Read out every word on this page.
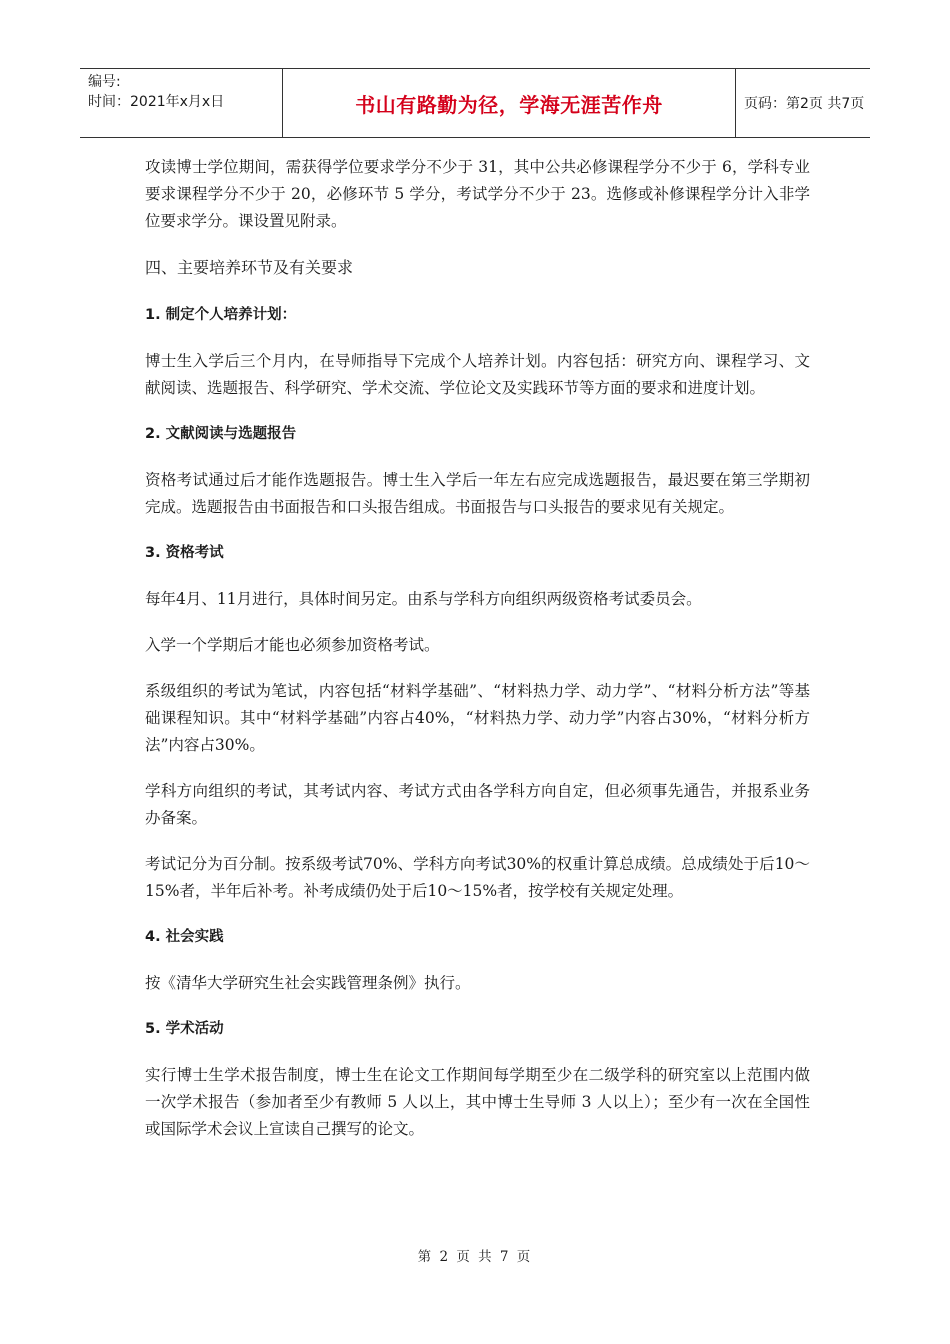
编号:
时间：2021年x月x日	书山有路勤为径，学海无涯苦作舟	页码：第2页 共7页

攻读博士学位期间，需获得学位要求学分不少于 31，其中公共必修课程学分不少于 6，学科专业要求课程学分不少于 20，必修环节 5 学分，考试学分不少于 23。选修或补修课程学分计入非学位要求学分。课设置见附录。

四、主要培养环节及有关要求
1. 制定个人培养计划：

博士生入学后三个月内，在导师指导下完成个人培养计划。内容包括：研究方向、课程学习、文献阅读、选题报告、科学研究、学术交流、学位论文及实践环节等方面的要求和进度计划。

2. 文献阅读与选题报告

资格考试通过后才能作选题报告。博士生入学后一年左右应完成选题报告，最迟要在第三学期初完成。选题报告由书面报告和口头报告组成。书面报告与口头报告的要求见有关规定。

3. 资格考试

每年4月、11月进行，具体时间另定。由系与学科方向组织两级资格考试委员会。

入学一个学期后才能也必须参加资格考试。

系级组织的考试为笔试，内容包括“材料学基础”、“材料热力学、动力学”、“材料分析方法”等基础课程知识。其中“材料学基础”内容占40%，“材料热力学、动力学”内容占30%，“材料分析方法”内容占30%。

学科方向组织的考试，其考试内容、考试方式由各学科方向自定，但必须事先通告，并报系业务办备案。

考试记分为百分制。按系级考试70%、学科方向考试30%的权重计算总成绩。总成绩处于后10～15%者，半年后补考。补考成绩仍处于后10～15%者，按学校有关规定处理。

4. 社会实践

按《清华大学研究生社会实践管理条例》执行。

5. 学术活动

实行博士生学术报告制度，博士生在论文工作期间每学期至少在二级学科的研究室以上范围内做一次学术报告（参加者至少有教师 5 人以上，其中博士生导师 3 人以上）；至少有一次在全国性或国际学术会议上宣读自己撰写的论文。

第 2 页 共 7 页
